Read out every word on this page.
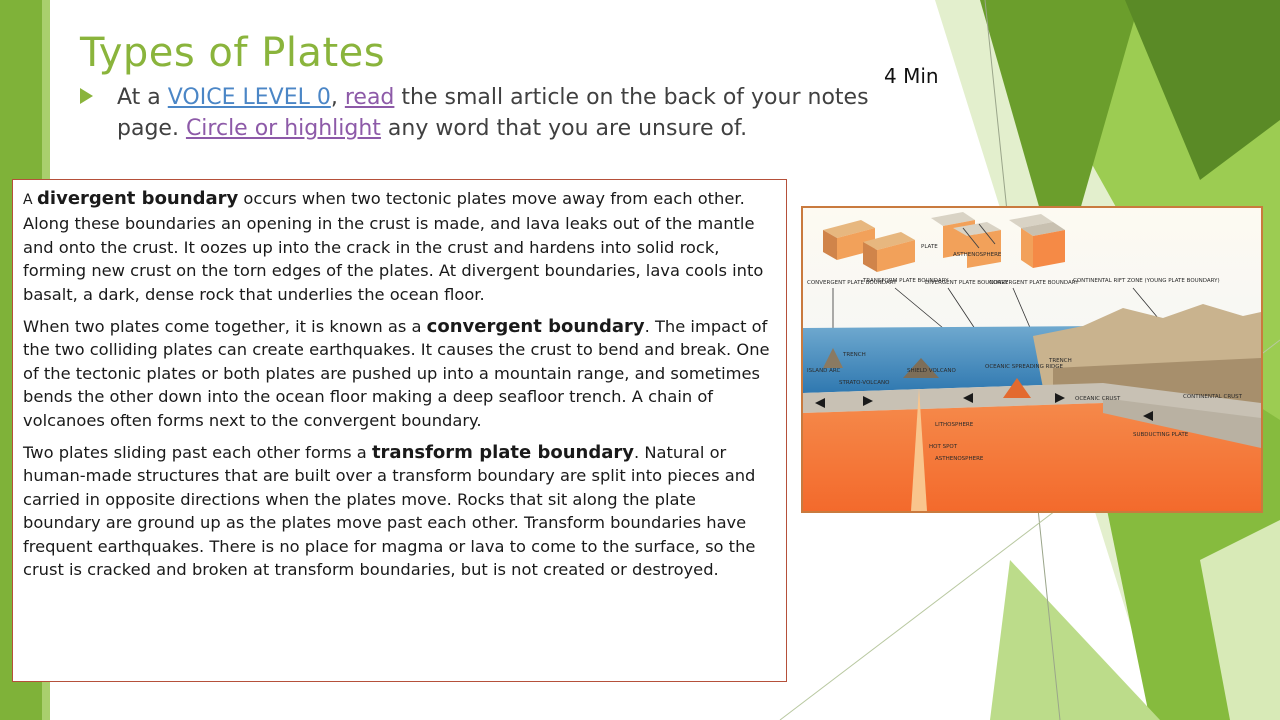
Types of Plates	4 Min
At a VOICE LEVEL 0, read the small article on the back of your notes page. Circle or highlight any word that you are unsure of.

A divergent boundary occurs when two tectonic plates move away from each other. Along these boundaries an opening in the crust is made, and lava leaks out of the mantle and onto the crust. It oozes up into the crack in the crust and hardens into solid rock, forming new crust on the torn edges of the plates. At divergent boundaries, lava cools into basalt, a dark, dense rock that underlies the ocean floor.

When two plates come together, it is known as a convergent boundary. The impact of the two colliding plates can create earthquakes. It causes the crust to bend and break. One of the tectonic plates or both plates are pushed up into a mountain range, and sometimes bends the other down into the ocean floor making a deep seafloor trench. A chain of volcanoes often forms next to the convergent boundary.

Two plates sliding past each other forms a transform plate boundary. Natural or human-made structures that are built over a transform boundary are split into pieces and carried in opposite directions when the plates move. Rocks that sit along the plate boundary are ground up as the plates move past each other. Transform boundaries have frequent earthquakes. There is no place for magma or lava to come to the surface, so the crust is cracked and broken at transform boundaries, but is not created or destroyed.

PLATE
ASTHENOSPHERE
CONVERGENT PLATE BOUNDARY
TRANSFORM PLATE BOUNDARY
DIVERGENT PLATE BOUNDARY
CONVERGENT PLATE BOUNDARY
CONTINENTAL RIFT ZONE (YOUNG PLATE BOUNDARY)
TRENCH
ISLAND ARC
STRATO-VOLCANO
SHIELD VOLCANO
OCEANIC SPREADING RIDGE
TRENCH
OCEANIC CRUST	CONTINENTAL CRUST
LITHOSPHERE
ASTHENOSPHERE
SUBDUCTING PLATE
HOT SPOT
